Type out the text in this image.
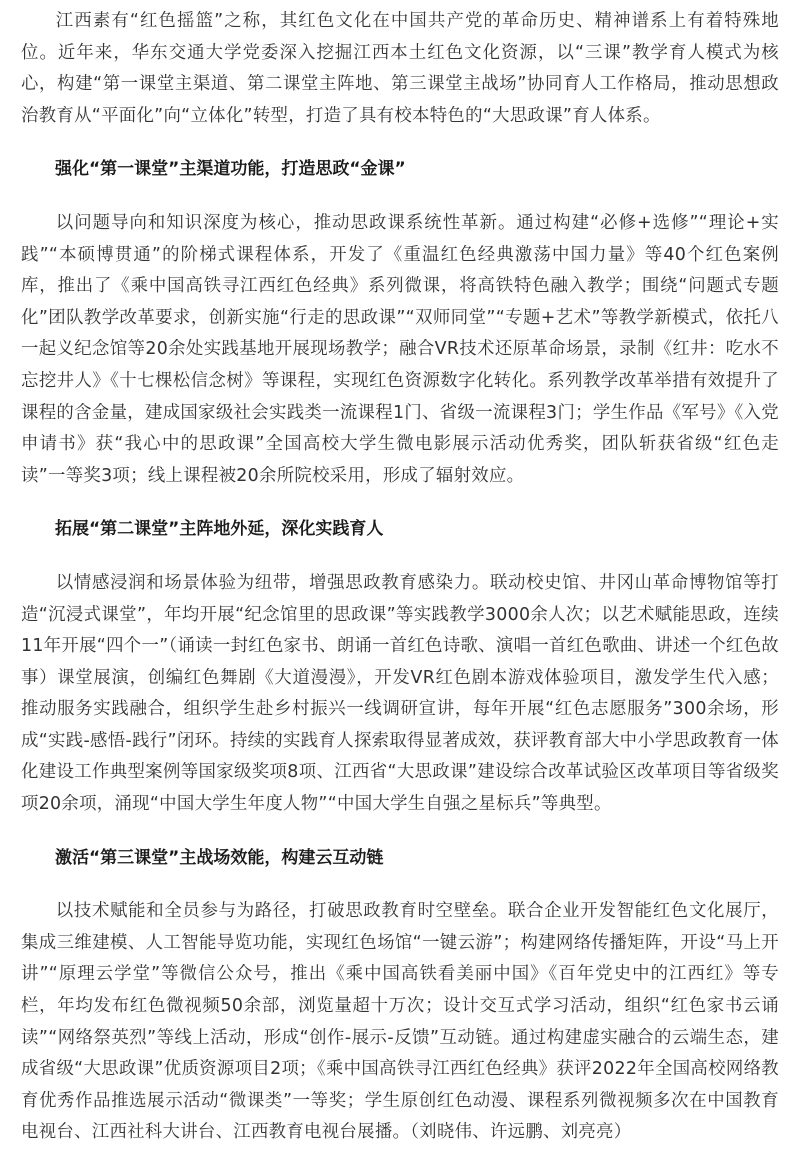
江西素有“红色摇篮”之称，其红色文化在中国共产党的革命历史、精神谱系上有着特殊地位。近年来，华东交通大学党委深入挖掘江西本土红色文化资源，以“三课”教学育人模式为核心，构建“第一课堂主渠道、第二课堂主阵地、第三课堂主战场”协同育人工作格局，推动思想政治教育从“平面化”向“立体化”转型，打造了具有校本特色的“大思政课”育人体系。

强化“第一课堂”主渠道功能，打造思政“金课”

以问题导向和知识深度为核心，推动思政课系统性革新。通过构建“必修+选修”“理论+实践”“本硕博贯通”的阶梯式课程体系，开发了《重温红色经典激荡中国力量》等40个红色案例库，推出了《乘中国高铁寻江西红色经典》系列微课，将高铁特色融入教学；围绕“问题式专题化”团队教学改革要求，创新实施“行走的思政课”“双师同堂”“专题+艺术”等教学新模式，依托八一起义纪念馆等20余处实践基地开展现场教学；融合VR技术还原革命场景，录制《红井：吃水不忘挖井人》《十七棵松信念树》等课程，实现红色资源数字化转化。系列教学改革举措有效提升了课程的含金量，建成国家级社会实践类一流课程1门、省级一流课程3门；学生作品《军号》《入党申请书》获“我心中的思政课”全国高校大学生微电影展示活动优秀奖，团队斩获省级“红色走读”一等奖3项；线上课程被20余所院校采用，形成了辐射效应。

拓展“第二课堂”主阵地外延，深化实践育人

以情感浸润和场景体验为纽带，增强思政教育感染力。联动校史馆、井冈山革命博物馆等打造“沉浸式课堂”，年均开展“纪念馆里的思政课”等实践教学3000余人次；以艺术赋能思政，连续11年开展“四个一”（诵读一封红色家书、朗诵一首红色诗歌、演唱一首红色歌曲、讲述一个红色故事）课堂展演，创编红色舞剧《大道漫漫》，开发VR红色剧本游戏体验项目，激发学生代入感；推动服务实践融合，组织学生赴乡村振兴一线调研宣讲，每年开展“红色志愿服务”300余场，形成“实践-感悟-践行”闭环。持续的实践育人探索取得显著成效，获评教育部大中小学思政教育一体化建设工作典型案例等国家级奖项8项、江西省“大思政课”建设综合改革试验区改革项目等省级奖项20余项，涌现“中国大学生年度人物”“中国大学生自强之星标兵”等典型。

激活“第三课堂”主战场效能，构建云互动链

以技术赋能和全员参与为路径，打破思政教育时空壁垒。联合企业开发智能红色文化展厅，集成三维建模、人工智能导览功能，实现红色场馆“一键云游”；构建网络传播矩阵，开设“马上开讲”“原理云学堂”等微信公众号，推出《乘中国高铁看美丽中国》《百年党史中的江西红》等专栏，年均发布红色微视频50余部，浏览量超十万次；设计交互式学习活动，组织“红色家书云诵读”“网络祭英烈”等线上活动，形成“创作-展示-反馈”互动链。通过构建虚实融合的云端生态，建成省级“大思政课”优质资源项目2项；《乘中国高铁寻江西红色经典》获评2022年全国高校网络教育优秀作品推选展示活动“微课类”一等奖；学生原创红色动漫、课程系列微视频多次在中国教育电视台、江西社科大讲台、江西教育电视台展播。（刘晓伟、许远鹏、刘亮亮）
